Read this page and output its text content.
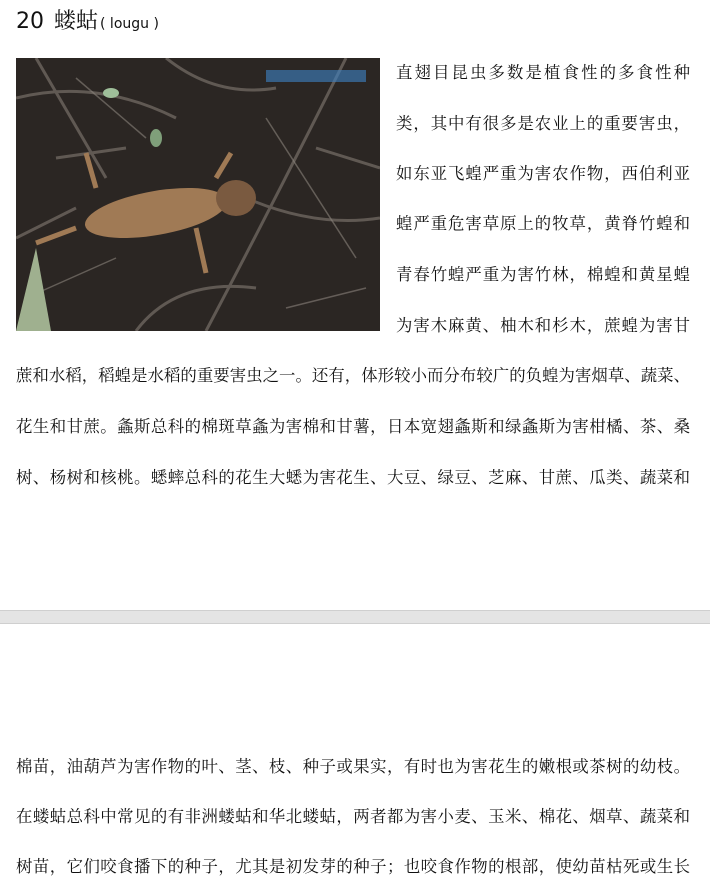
20 蝼蛄 ( lougu )
直翅目昆虫多数是植食性的多食性种
类，其中有很多是农业上的重要害虫，
如东亚飞蝗严重为害农作物，西伯利亚
蝗严重危害草原上的牧草，黄脊竹蝗和
青春竹蝗严重为害竹林，棉蝗和黄星蝗
为害木麻黄、柚木和杉木，蔗蝗为害甘
蔗和水稻，稻蝗是水稻的重要害虫之一。还有，体形较小而分布较广的负蝗为害烟草、蔬菜、
花生和甘蔗。螽斯总科的棉斑草螽为害棉和甘薯，日本宽翅螽斯和绿螽斯为害柑橘、茶、桑
树、杨树和核桃。蟋蟀总科的花生大蟋为害花生、大豆、绿豆、芝麻、甘蔗、瓜类、蔬菜和
棉苗，油葫芦为害作物的叶、茎、枝、种子或果实，有时也为害花生的嫩根或茶树的幼枝。
在蝼蛄总科中常见的有非洲蝼蛄和华北蝼蛄，两者都为害小麦、玉米、棉花、烟草、蔬菜和
树苗，它们咬食播下的种子，尤其是初发芽的种子；也咬食作物的根部，使幼苗枯死或生长
